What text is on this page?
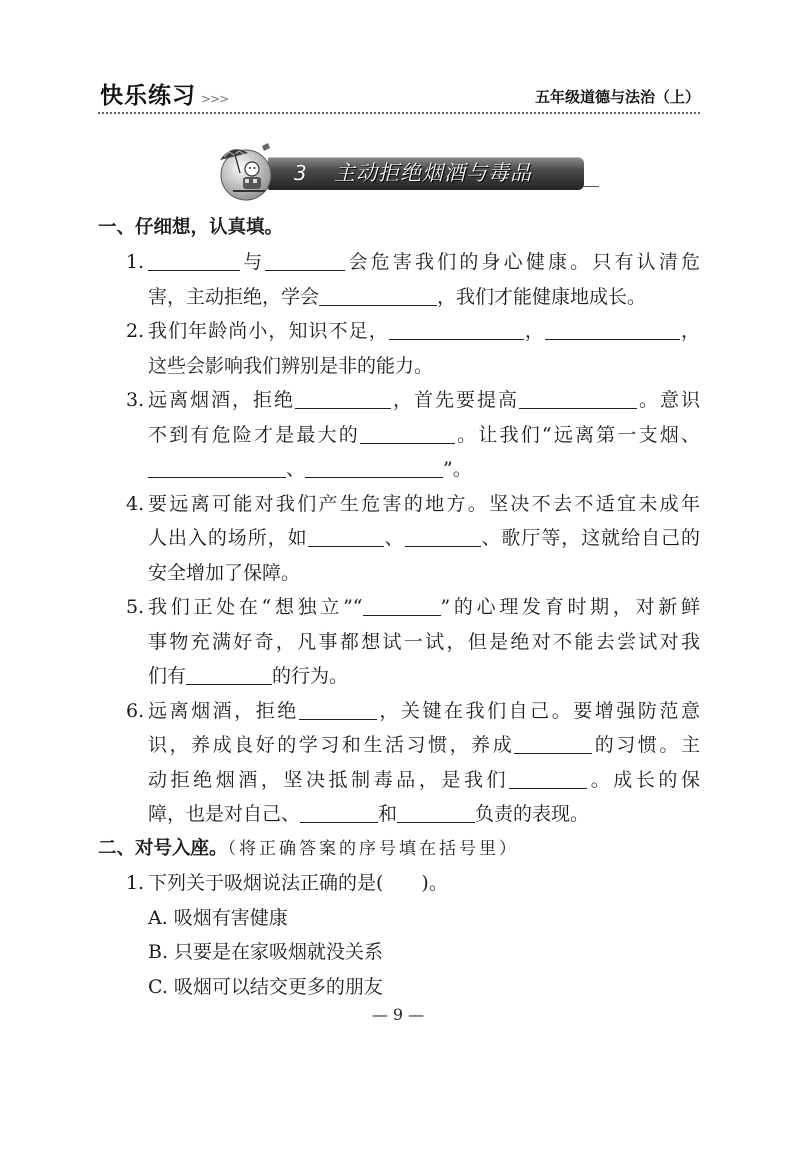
快乐练习 >>>	五年级道德与法治（上）
3 主动拒绝烟酒与毒品
一、仔细想，认真填。
1.	与	会危害我们的身心健康。只有认清危
害，主动拒绝，学会	，我们才能健康地成长。
2. 我们年龄尚小，知识不足，	，	，
这些会影响我们辨别是非的能力。
3. 远离烟酒，拒绝	，首先要提高	。意识
不到有危险才是最大的	。让我们“远离第一支烟、
、	”。
4. 要远离可能对我们产生危害的地方。坚决不去不适宜未成年
人出入的场所，如	、	、歌厅等，这就给自己的
安全增加了保障。
5. 我们正处在“想独立”“	”的心理发育时期，对新鲜
事物充满好奇，凡事都想试一试，但是绝对不能去尝试对我
们有	的行为。
6. 远离烟酒，拒绝	，关键在我们自己。要增强防范意
识，养成良好的学习和生活习惯，养成	的习惯。主
动拒绝烟酒，坚决抵制毒品，是我们	。成长的保
障，也是对自己、	和	负责的表现。
二、对号入座。（将正确答案的序号填在括号里）
1. 下列关于吸烟说法正确的是(　　)。
A. 吸烟有害健康
B. 只要是在家吸烟就没关系
C. 吸烟可以结交更多的朋友
— 9 —
